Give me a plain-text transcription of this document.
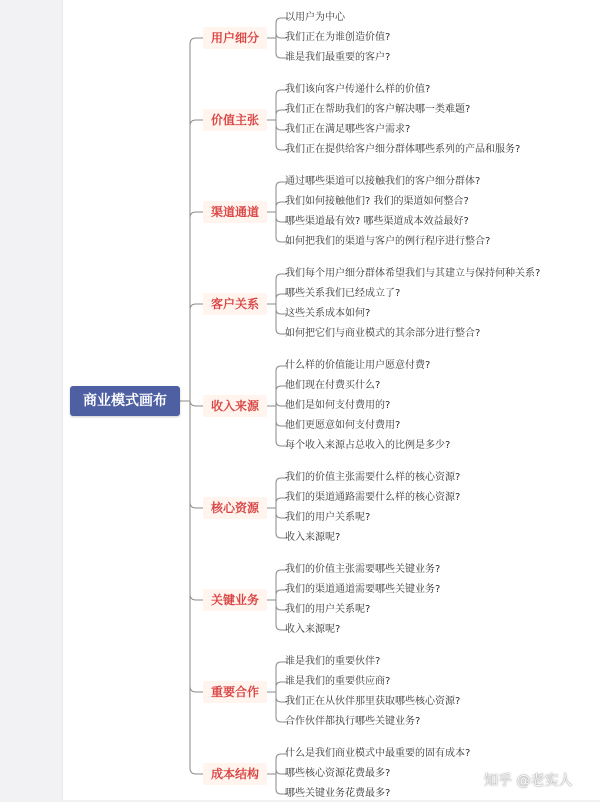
商业模式画布
以用户为中心
我们正在为谁创造价值?
谁是我们最重要的客户?
用户细分
我们该向客户传递什么样的价值?
我们正在帮助我们的客户解决哪一类难题?
我们正在满足哪些客户需求?
我们正在提供给客户细分群体哪些系列的产品和服务?
价值主张
通过哪些渠道可以接触我们的客户细分群体?
我们如何接触他们? 我们的渠道如何整合?
哪些渠道最有效? 哪些渠道成本效益最好?
如何把我们的渠道与客户的例行程序进行整合?
渠道通道
我们每个用户细分群体希望我们与其建立与保持何种关系?
哪些关系我们已经成立了?
这些关系成本如何?
如何把它们与商业模式的其余部分进行整合?
客户关系
什么样的价值能让用户愿意付费?
他们现在付费买什么?
他们是如何支付费用的?
他们更愿意如何支付费用?
每个收入来源占总收入的比例是多少?
收入来源
我们的价值主张需要什么样的核心资源?
我们的渠道通路需要什么样的核心资源?
我们的用户关系呢?
收入来源呢?
核心资源
我们的价值主张需要哪些关键业务?
我们的渠道通道需要哪些关键业务?
我们的用户关系呢?
收入来源呢?
关键业务
谁是我们的重要伙伴?
谁是我们的重要供应商?
我们正在从伙伴那里获取哪些核心资源?
合作伙伴都执行哪些关键业务?
重要合作
什么是我们商业模式中最重要的固有成本?
哪些核心资源花费最多?
哪些关键业务花费最多?
成本结构	知乎 @老实人
